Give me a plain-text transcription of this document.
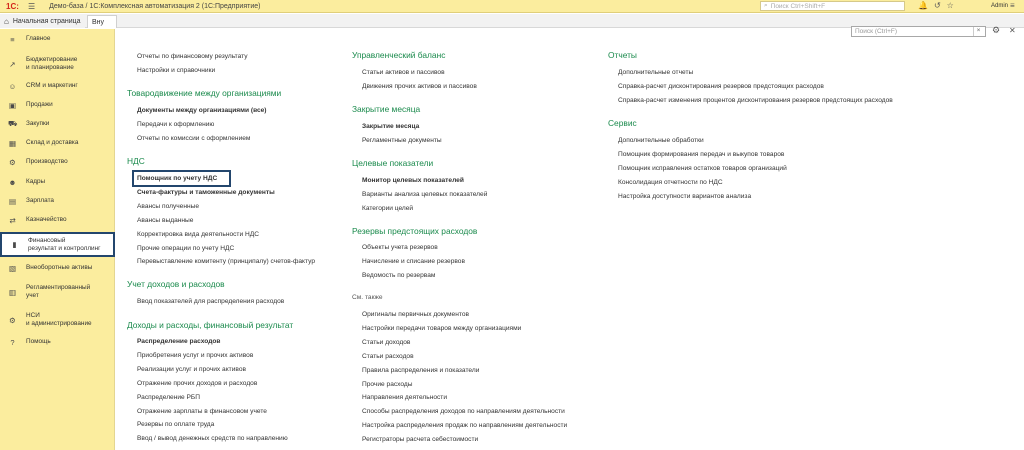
1С:	☰ Демо-база / 1С:Комплексная автоматизация 2 (1С:Предприятие)	⌕ Поиск Ctrl+Shift+F	🔔 ↺ ☆	Admin ≡
⌂ Начальная страница Вну
≡	Главное
↗ Бюджетирование
и планирование
☺ CRM и маркетинг
▣ Продажи
⛟ Закупки
▦ Склад и доставка
⚙ Производство
☻ Кадры
▤ Зарплата
⇄ Казначейство
▮	Финансовый
результат и контроллинг
▧ Внеоборотные активы
▥ Регламентированный
учет
⚙ НСИ
и администрирование
?	Помощь
Поиск (Ctrl+F)	× ⚙ ✕
Отчеты по финансовому результату
Настройки и справочники
Товародвижение между организациями
Документы между организациями (все)
Передачи к оформлению
Отчеты по комиссии с оформлением
НДС
Помощник по учету НДС
Счета-фактуры и таможенные документы
Авансы полученные
Авансы выданные
Корректировка вида деятельности НДС
Прочие операции по учету НДС
Перевыставление комитенту (принципалу) счетов-фактур
Учет доходов и расходов
Ввод показателей для распределения расходов
Доходы и расходы, финансовый результат
Распределение расходов
Приобретения услуг и прочих активов
Реализации услуг и прочих активов
Отражение прочих доходов и расходов
Распределение РБП
Отражение зарплаты в финансовом учете
Резервы по оплате труда
Ввод / вывод денежных средств по направлению
Управленческий баланс
Статьи активов и пассивов
Движения прочих активов и пассивов
Закрытие месяца
Закрытие месяца
Регламентные документы
Целевые показатели
Монитор целевых показателей
Варианты анализа целевых показателей
Категории целей
Резервы предстоящих расходов
Объекты учета резервов
Начисление и списание резервов
Ведомость по резервам
См. также
Оригиналы первичных документов
Настройки передачи товаров между организациями
Статьи доходов
Статьи расходов
Правила распределения и показатели
Прочие расходы
Направления деятельности
Способы распределения доходов по направлениям деятельности
Настройка распределения продаж по направлениям деятельности
Регистраторы расчета себестоимости
Отчеты
Дополнительные отчеты
Справка-расчет дисконтирования резервов предстоящих расходов
Справка-расчет изменения процентов дисконтирования резервов предстоящих расходов
Сервис
Дополнительные обработки
Помощник формирования передач и выкупов товаров
Помощник исправления остатков товаров организаций
Консолидация отчетности по НДС
Настройка доступности вариантов анализа
